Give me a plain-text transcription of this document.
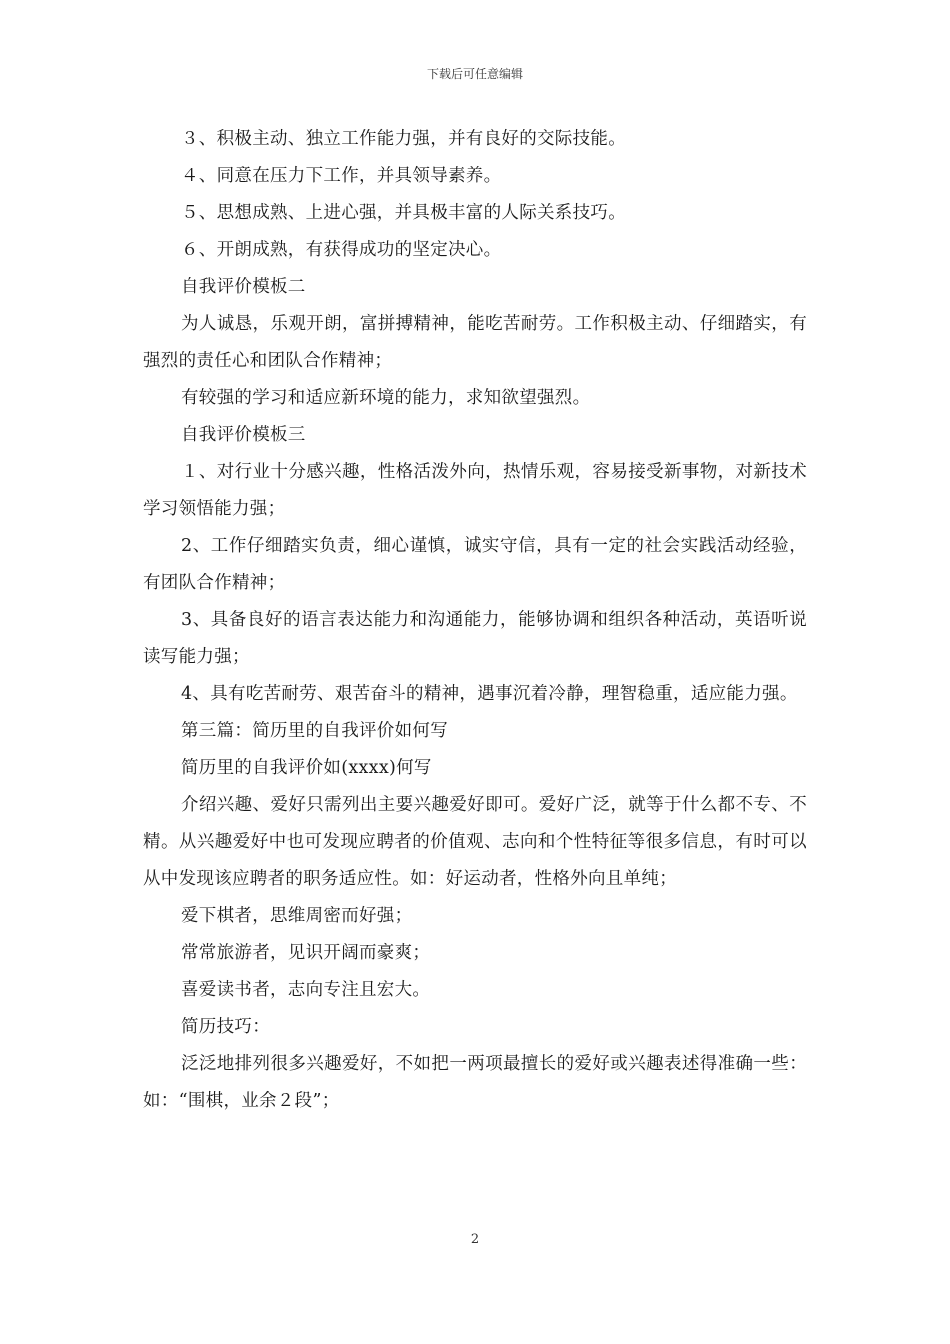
下载后可任意编辑

３、积极主动、独立工作能力强，并有良好的交际技能。

４、同意在压力下工作，并具领导素养。

５、思想成熟、上进心强，并具极丰富的人际关系技巧。

６、开朗成熟，有获得成功的坚定决心。

自我评价模板二

为人诚恳，乐观开朗，富拼搏精神，能吃苦耐劳。工作积极主动、仔细踏实，有强烈的责任心和团队合作精神；

有较强的学习和适应新环境的能力，求知欲望强烈。

自我评价模板三

１、对行业十分感兴趣，性格活泼外向，热情乐观，容易接受新事物，对新技术学习领悟能力强；

2、工作仔细踏实负责，细心谨慎，诚实守信，具有一定的社会实践活动经验，有团队合作精神；

3、具备良好的语言表达能力和沟通能力，能够协调和组织各种活动，英语听说读写能力强；

4、具有吃苦耐劳、艰苦奋斗的精神，遇事沉着冷静，理智稳重，适应能力强。

第三篇：简历里的自我评价如何写

简历里的自我评价如(xxxx)何写

介绍兴趣、爱好只需列出主要兴趣爱好即可。爱好广泛，就等于什么都不专、不精。从兴趣爱好中也可发现应聘者的价值观、志向和个性特征等很多信息，有时可以从中发现该应聘者的职务适应性。如：好运动者，性格外向且单纯；

爱下棋者，思维周密而好强；

常常旅游者，见识开阔而豪爽；

喜爱读书者，志向专注且宏大。

简历技巧：

泛泛地排列很多兴趣爱好，不如把一两项最擅长的爱好或兴趣表述得准确一些：如：“围棋，业余２段”；

2
